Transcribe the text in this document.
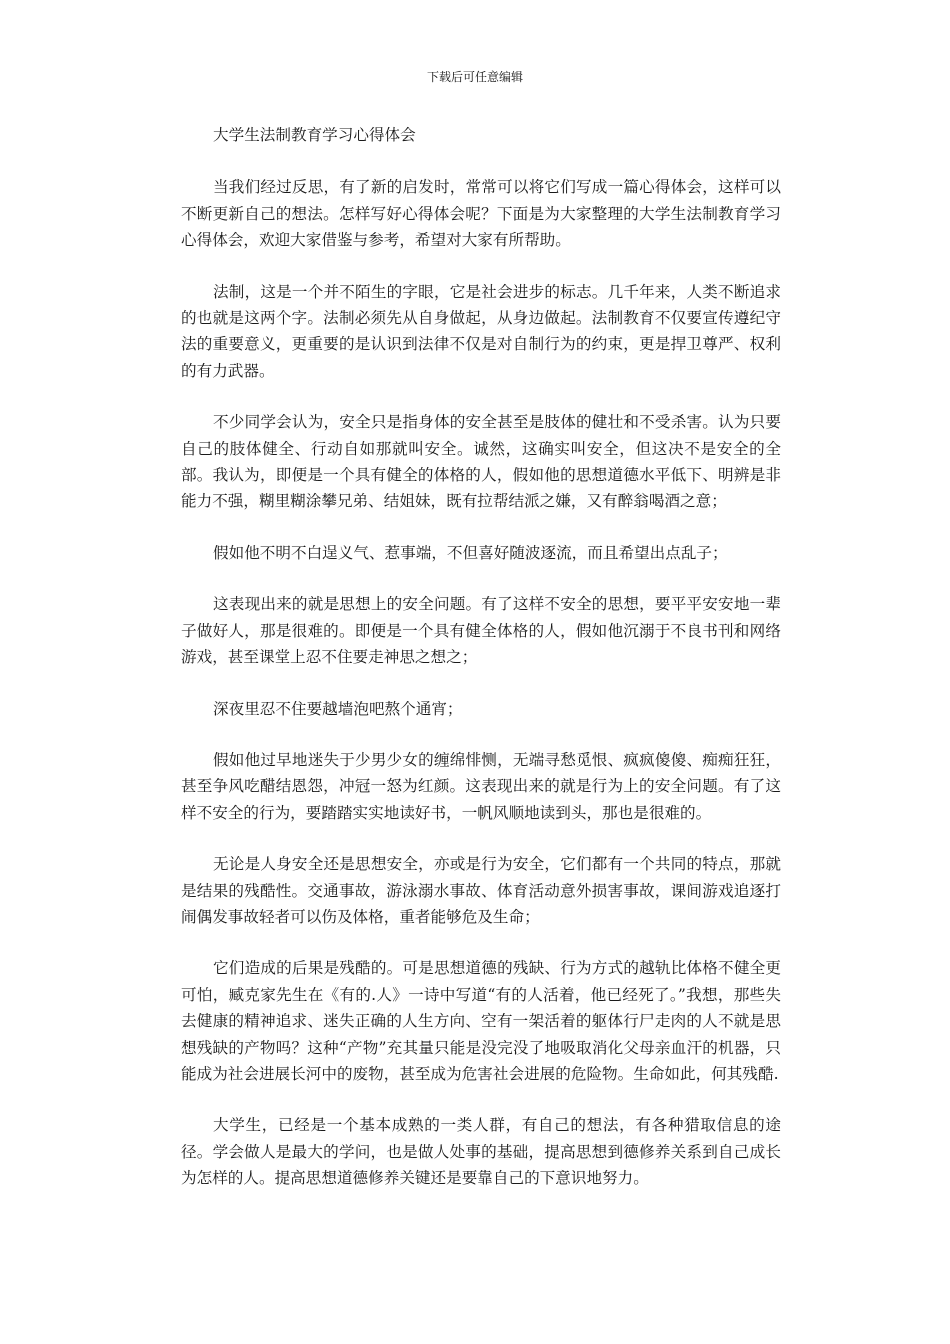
下载后可任意编辑

大学生法制教育学习心得体会

当我们经过反思，有了新的启发时，常常可以将它们写成一篇心得体会，这样可以不断更新自己的想法。怎样写好心得体会呢？下面是为大家整理的大学生法制教育学习心得体会，欢迎大家借鉴与参考，希望对大家有所帮助。

法制，这是一个并不陌生的字眼，它是社会进步的标志。几千年来，人类不断追求的也就是这两个字。法制必须先从自身做起，从身边做起。法制教育不仅要宣传遵纪守法的重要意义，更重要的是认识到法律不仅是对自制行为的约束，更是捍卫尊严、权利的有力武器。

不少同学会认为，安全只是指身体的安全甚至是肢体的健壮和不受杀害。认为只要自己的肢体健全、行动自如那就叫安全。诚然，这确实叫安全，但这决不是安全的全部。我认为，即便是一个具有健全的体格的人，假如他的思想道德水平低下、明辨是非能力不强，糊里糊涂攀兄弟、结姐妹，既有拉帮结派之嫌，又有醉翁喝酒之意；

假如他不明不白逞义气、惹事端，不但喜好随波逐流，而且希望出点乱子；

这表现出来的就是思想上的安全问题。有了这样不安全的思想，要平平安安地一辈子做好人，那是很难的。即便是一个具有健全体格的人，假如他沉溺于不良书刊和网络游戏，甚至课堂上忍不住要走神思之想之；

深夜里忍不住要越墙泡吧熬个通宵；

假如他过早地迷失于少男少女的缠绵悱恻，无端寻愁觅恨、疯疯傻傻、痴痴狂狂，甚至争风吃醋结恩怨，冲冠一怒为红颜。这表现出来的就是行为上的安全问题。有了这样不安全的行为，要踏踏实实地读好书，一帆风顺地读到头，那也是很难的。

无论是人身安全还是思想安全，亦或是行为安全，它们都有一个共同的特点，那就是结果的残酷性。交通事故，游泳溺水事故、体育活动意外损害事故，课间游戏追逐打闹偶发事故轻者可以伤及体格，重者能够危及生命；

它们造成的后果是残酷的。可是思想道德的残缺、行为方式的越轨比体格不健全更可怕，臧克家先生在《有的.人》一诗中写道“有的人活着，他已经死了。”我想，那些失去健康的精神追求、迷失正确的人生方向、空有一架活着的躯体行尸走肉的人不就是思想残缺的产物吗？这种“产物”充其量只能是没完没了地吸取消化父母亲血汗的机器，只能成为社会进展长河中的废物，甚至成为危害社会进展的危险物。生命如此，何其残酷.

大学生，已经是一个基本成熟的一类人群，有自己的想法，有各种猎取信息的途径。学会做人是最大的学问，也是做人处事的基础，提高思想到德修养关系到自己成长为怎样的人。提高思想道德修养关键还是要靠自己的下意识地努力。
